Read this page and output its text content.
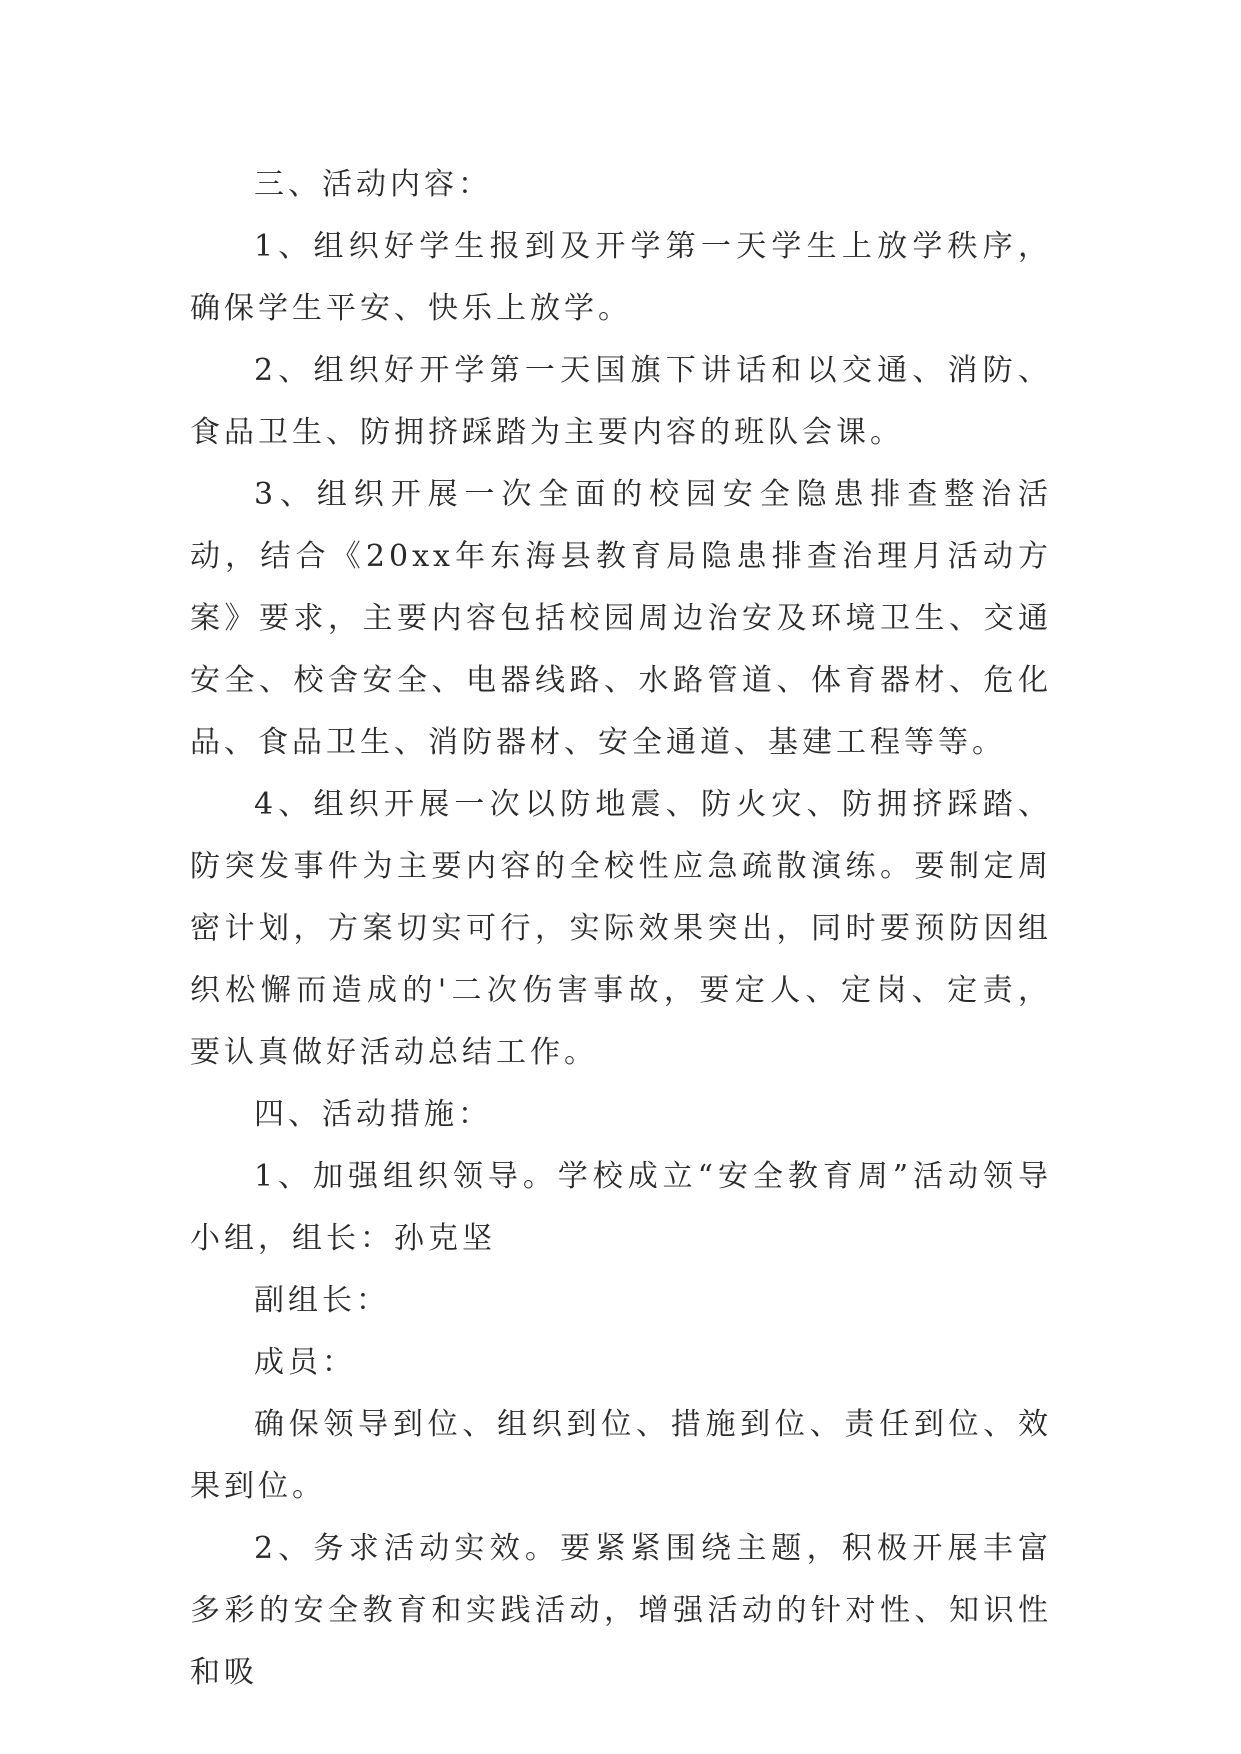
三、活动内容：

1、组织好学生报到及开学第一天学生上放学秩序，确保学生平安、快乐上放学。

2、组织好开学第一天国旗下讲话和以交通、消防、食品卫生、防拥挤踩踏为主要内容的班队会课。

3、组织开展一次全面的校园安全隐患排查整治活动，结合《20xx年东海县教育局隐患排查治理月活动方案》要求，主要内容包括校园周边治安及环境卫生、交通安全、校舍安全、电器线路、水路管道、体育器材、危化品、食品卫生、消防器材、安全通道、基建工程等等。

4、组织开展一次以防地震、防火灾、防拥挤踩踏、防突发事件为主要内容的全校性应急疏散演练。要制定周密计划，方案切实可行，实际效果突出，同时要预防因组织松懈而造成的'二次伤害事故，要定人、定岗、定责，要认真做好活动总结工作。

四、活动措施：

1、加强组织领导。学校成立“安全教育周”活动领导小组，组长：孙克坚

副组长：

成员：

确保领导到位、组织到位、措施到位、责任到位、效果到位。

2、务求活动实效。要紧紧围绕主题，积极开展丰富多彩的安全教育和实践活动，增强活动的针对性、知识性和吸
